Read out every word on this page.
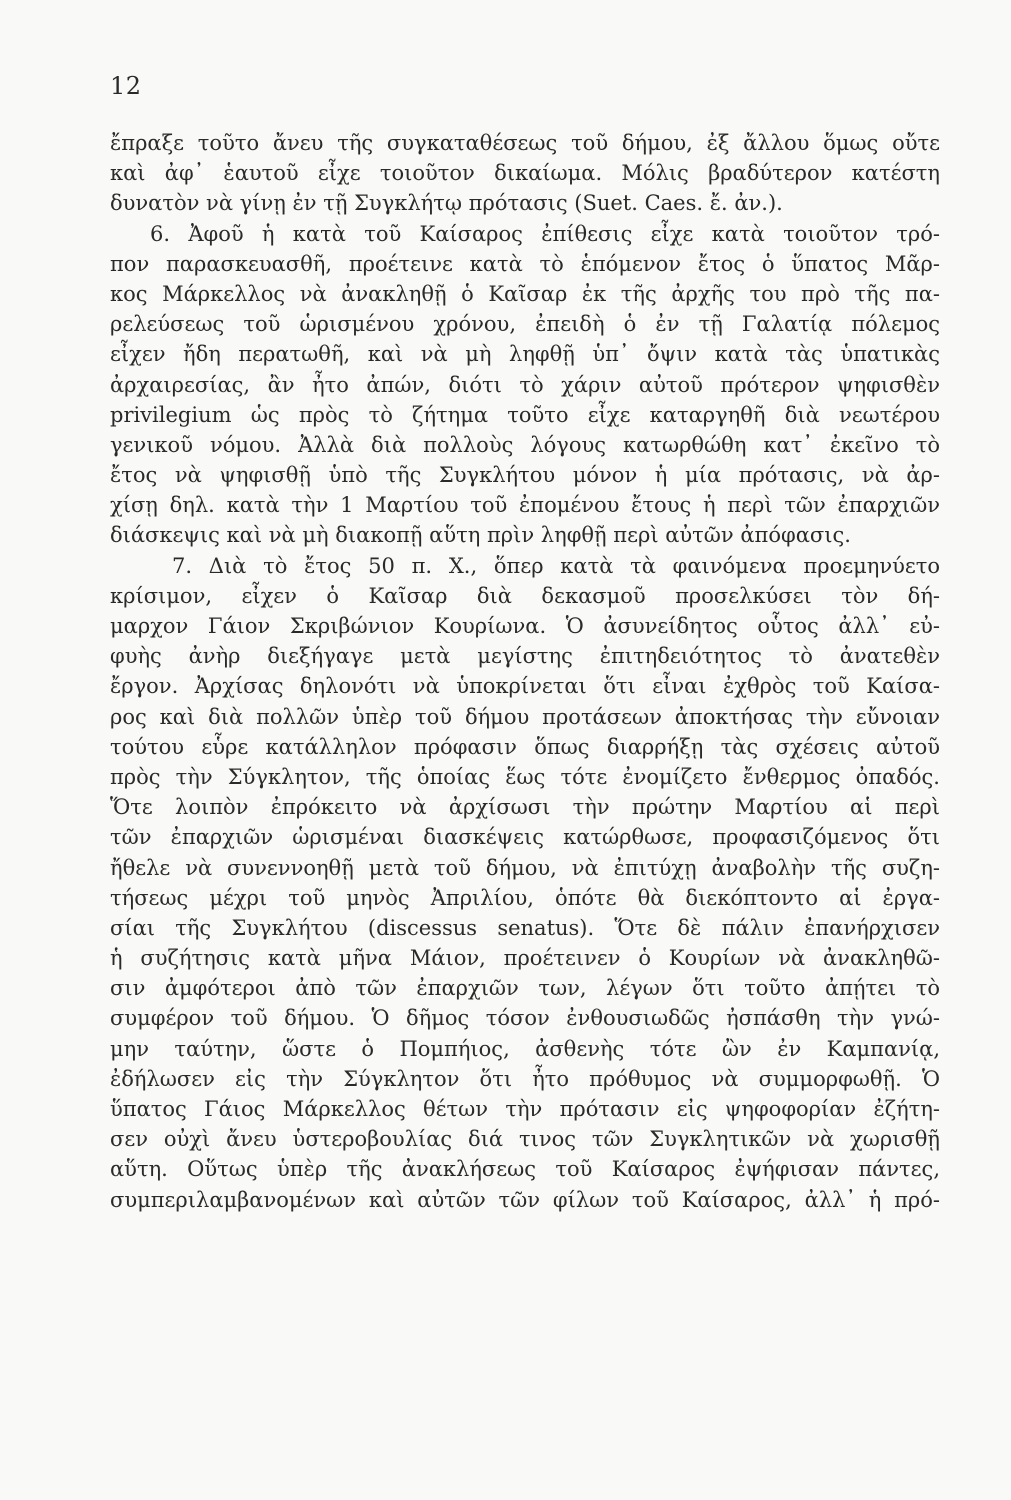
12
ἔπραξε τοῦτο ἄνευ τῆς συγκαταθέσεως τοῦ δήμου, ἐξ ἄλλου ὅμως οὔτε
καὶ ἀφ᾽ ἑαυτοῦ εἶχε τοιοῦτον δικαίωμα. Μόλις βραδύτερον κατέστη
δυνατὸν νὰ γίνῃ ἐν τῇ Συγκλήτῳ πρότασις (Suet. Caes. ἔ. ἀν.).
6. Ἀφοῦ ἡ κατὰ τοῦ Καίσαρος ἐπίθεσις εἶχε κατὰ τοιοῦτον τρό-
πον παρασκευασθῆ, προέτεινε κατὰ τὸ ἑπόμενον ἔτος ὁ ὕπατος Μᾶρ-
κος Μάρκελλος νὰ ἀνακληθῇ ὁ Καῖσαρ ἐκ τῆς ἀρχῆς του πρὸ τῆς πα-
ρελεύσεως τοῦ ὡρισμένου χρόνου, ἐπειδὴ ὁ ἐν τῇ Γαλατίᾳ πόλεμος
εἶχεν ἤδη περατωθῆ, καὶ νὰ μὴ ληφθῇ ὑπ᾽ ὄψιν κατὰ τὰς ὑπατικὰς
ἀρχαιρεσίας, ἂν ἦτο ἀπών, διότι τὸ χάριν αὐτοῦ πρότερον ψηφισθὲν
privilegium ὡς πρὸς τὸ ζήτημα τοῦτο εἶχε καταργηθῆ διὰ νεωτέρου
γενικοῦ νόμου. Ἀλλὰ διὰ πολλοὺς λόγους κατωρθώθη κατ᾽ ἐκεῖνο τὸ
ἔτος νὰ ψηφισθῇ ὑπὸ τῆς Συγκλήτου μόνον ἡ μία πρότασις, νὰ ἀρ-
χίσῃ δηλ. κατὰ τὴν 1 Μαρτίου τοῦ ἐπομένου ἔτους ἡ περὶ τῶν ἐπαρχιῶν
διάσκεψις καὶ νὰ μὴ διακοπῇ αὕτη πρὶν ληφθῇ περὶ αὐτῶν ἀπόφασις.
7. Διὰ τὸ ἔτος 50 π. Χ., ὅπερ κατὰ τὰ φαινόμενα προεμηνύετο
κρίσιμον, εἶχεν ὁ Καῖσαρ διὰ δεκασμοῦ προσελκύσει τὸν δή-
μαρχον Γάιον Σκριβώνιον Κουρίωνα. Ὁ ἀσυνείδητος οὗτος ἀλλ᾽ εὐ-
φυὴς ἀνὴρ διεξήγαγε μετὰ μεγίστης ἐπιτηδειότητος τὸ ἀνατεθὲν
ἔργον. Ἀρχίσας δηλονότι νὰ ὑποκρίνεται ὅτι εἶναι ἐχθρὸς τοῦ Καίσα-
ρος καὶ διὰ πολλῶν ὑπὲρ τοῦ δήμου προτάσεων ἀποκτήσας τὴν εὔνοιαν
τούτου εὗρε κατάλληλον πρόφασιν ὅπως διαρρήξῃ τὰς σχέσεις αὐτοῦ
πρὸς τὴν Σύγκλητον, τῆς ὁποίας ἕως τότε ἐνομίζετο ἔνθερμος ὀπαδός.
Ὅτε λοιπὸν ἐπρόκειτο νὰ ἀρχίσωσι τὴν πρώτην Μαρτίου αἱ περὶ
τῶν ἐπαρχιῶν ὡρισμέναι διασκέψεις κατώρθωσε, προφασιζόμενος ὅτι
ἤθελε νὰ συνεννοηθῇ μετὰ τοῦ δήμου, νὰ ἐπιτύχῃ ἀναβολὴν τῆς συζη-
τήσεως μέχρι τοῦ μηνὸς Ἀπριλίου, ὁπότε θὰ διεκόπτοντο αἱ ἐργα-
σίαι τῆς Συγκλήτου (discessus senatus). Ὅτε δὲ πάλιν ἐπανήρχισεν
ἡ συζήτησις κατὰ μῆνα Μάιον, προέτεινεν ὁ Κουρίων νὰ ἀνακληθῶ-
σιν ἀμφότεροι ἀπὸ τῶν ἐπαρχιῶν των, λέγων ὅτι τοῦτο ἀπῄτει τὸ
συμφέρον τοῦ δήμου. Ὁ δῆμος τόσον ἐνθουσιωδῶς ἠσπάσθη τὴν γνώ-
μην ταύτην, ὥστε ὁ Πομπήιος, ἀσθενὴς τότε ὢν ἐν Καμπανίᾳ,
ἐδήλωσεν εἰς τὴν Σύγκλητον ὅτι ἦτο πρόθυμος νὰ συμμορφωθῇ. Ὁ
ὕπατος Γάιος Μάρκελλος θέτων τὴν πρότασιν εἰς ψηφοφορίαν ἐζήτη-
σεν οὐχὶ ἄνευ ὑστεροβουλίας διά τινος τῶν Συγκλητικῶν νὰ χωρισθῇ
αὕτη. Οὕτως ὑπὲρ τῆς ἀνακλήσεως τοῦ Καίσαρος ἐψήφισαν πάντες,
συμπεριλαμβανομένων καὶ αὐτῶν τῶν φίλων τοῦ Καίσαρος, ἀλλ᾽ ἡ πρό-
